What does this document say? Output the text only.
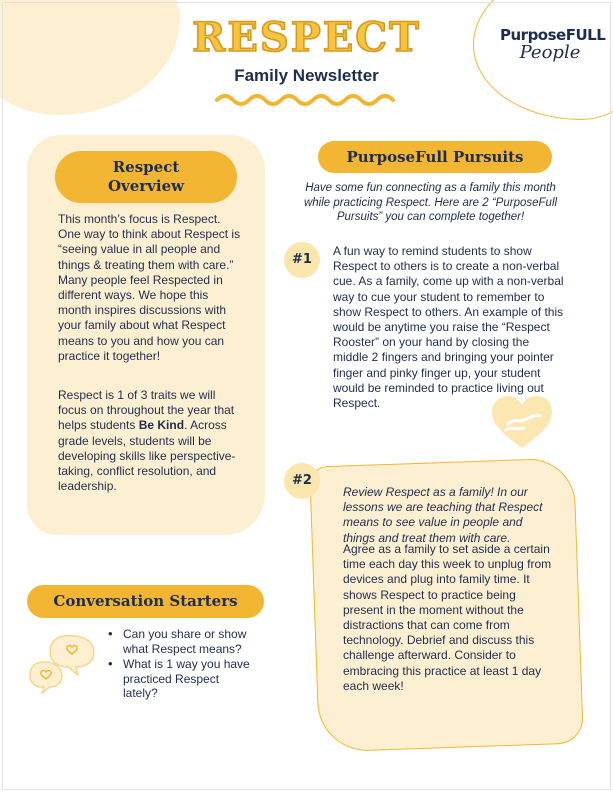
RESPECT
Family Newsletter
PurposeFULL
People
Respect
Overview

This month’s focus is Respect. One way to think about Respect is “seeing value in all people and things & treating them with care.” Many people feel Respected in different ways. We hope this month inspires discussions with your family about what Respect means to you and how you can practice it together!

Respect is 1 of 3 traits we will focus on throughout the year that helps students Be Kind. Across grade levels, students will be developing skills like perspective-taking, conflict resolution, and leadership.

Conversation Starters
• Can you share or show what Respect means?
• What is 1 way you have practiced Respect lately?
PurposeFull Pursuits

Have some fun connecting as a family this month while practicing Respect. Here are 2 “PurposeFull Pursuits” you can complete together!

#1

A fun way to remind students to show Respect to others is to create a non-verbal cue. As a family, come up with a non-verbal way to cue your student to remember to show Respect to others. An example of this would be anytime you raise the “Respect Rooster” on your hand by closing the middle 2 fingers and bringing your pointer finger and pinky finger up, your student would be reminded to practice living out Respect.

#2

Review Respect as a family! In our lessons we are teaching that Respect means to see value in people and things and treat them with care.

Agree as a family to set aside a certain time each day this week to unplug from devices and plug into family time. It shows Respect to practice being present in the moment without the distractions that can come from technology. Debrief and discuss this challenge afterward. Consider to embracing this practice at least 1 day each week!
